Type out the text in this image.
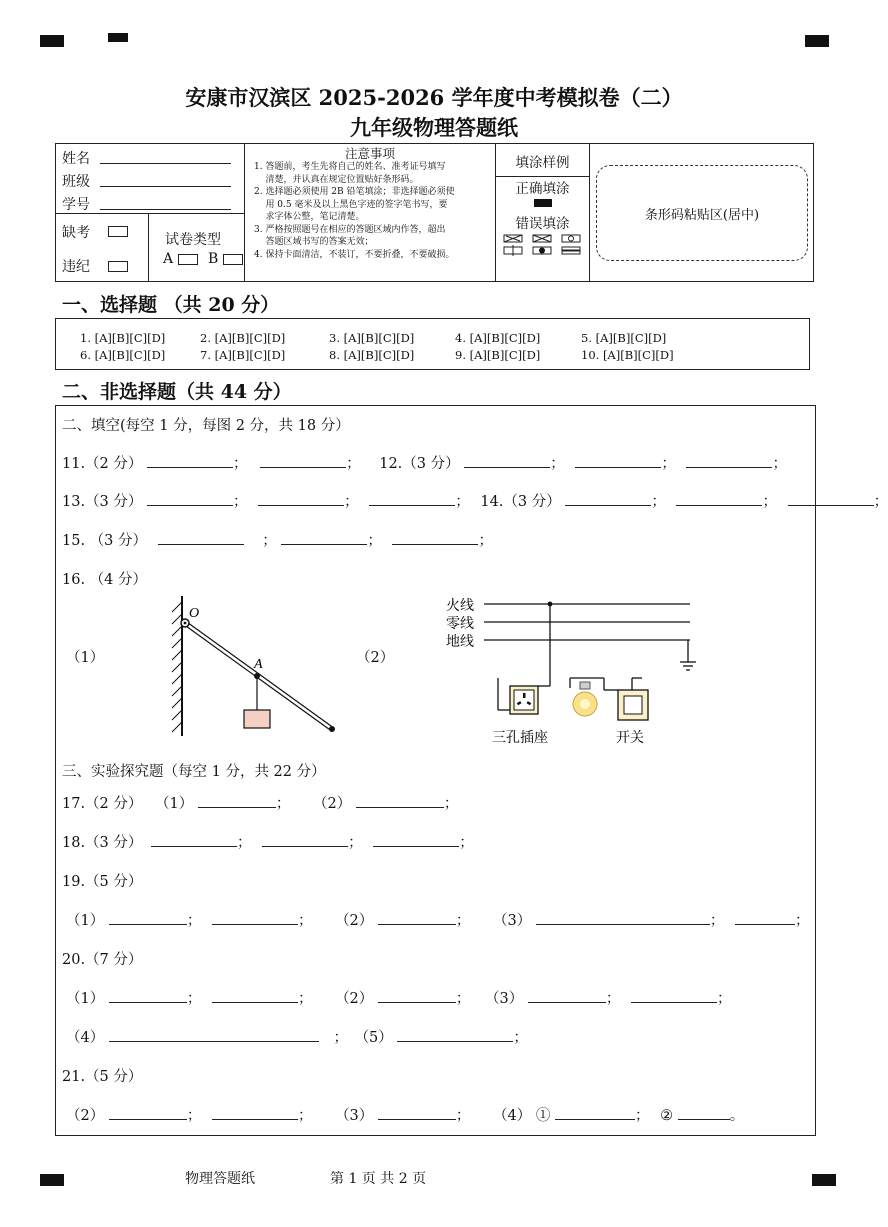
安康市汉滨区 2025-2026 学年度中考模拟卷（二）
九年级物理答题纸
姓名
班级
学号
缺考
违纪
试卷类型
A B
注意事项
1. 答题前，考生先将自己的姓名、准考证号填写
清楚，并认真在规定位置贴好条形码。
2. 选择题必须使用 2B 铅笔填涂；非选择题必须使
用 0.5 毫米及以上黑色字迹的签字笔书写，要
求字体公整，笔记清楚。
3. 严格按照题号在相应的答题区域内作答，超出
答题区域书写的答案无效；
4. 保持卡面清洁，不装订，不要折叠，不要破损。
填涂样例
正确填涂
错误填涂
条形码粘贴区(居中)
一、选择题 （共 20 分）
1. [A][B][C][D]	2. [A][B][C][D]	3. [A][B][C][D]	4. [A][B][C][D]	5. [A][B][C][D]
6. [A][B][C][D]	7. [A][B][C][D]	8. [A][B][C][D]	9. [A][B][C][D]	10. [A][B][C][D]
二、非选择题（共 44 分）
二、填空(每空 1 分，每图 2 分，共 18 分）
11.（2 分）	；	； 12.（3 分）	；	；	；
13.（3 分）	；	；	； 14.（3 分）	；	；	；
15. （3 分）	；	；	；
16. （4 分）
（1）	（2）
O
A
火线
零线
地线
三孔插座	开关
三、实验探究题（每空 1 分，共 22 分）
17.（2 分） （1）	； （2）	；
18.（3 分）	；	；	；
19.（5 分）
（1）	；	； （2）	； （3）	；	；
20.（7 分）
（1）	；	； （2）	； （3）	；	；
（4）	； （5）	；
21.（5 分）
（2）	；	； （3）	； （4） ①	； ②	。
物理答题纸	第 1 页 共 2 页
